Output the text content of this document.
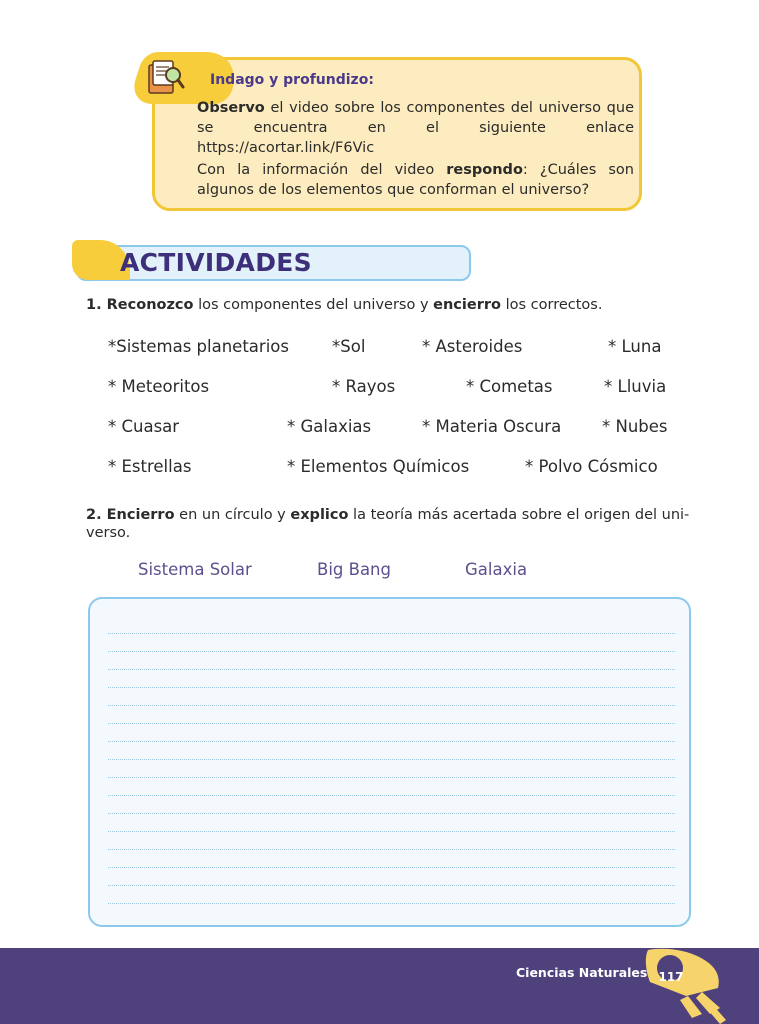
Indago y profundizo:
Observo el video sobre los componentes del universo que se encuentra en el siguiente enlace https://acortar.link/F6Vic
Con la información del video respondo: ¿Cuáles son algunos de los elementos que conforman el universo?
ACTIVIDADES
1. Reconozco los componentes del universo y encierro los correctos.
*Sistemas planetarios	*Sol	* Asteroides	* Luna
* Meteoritos	* Rayos	* Cometas	* Lluvia
* Cuasar	* Galaxias	* Materia Oscura * Nubes
* Estrellas	* Elementos Químicos	* Polvo Cósmico
2. Encierro en un círculo y explico la teoría más acertada sobre el origen del uni-verso.
Sistema Solar	Big Bang	Galaxia
Ciencias Naturales 117
